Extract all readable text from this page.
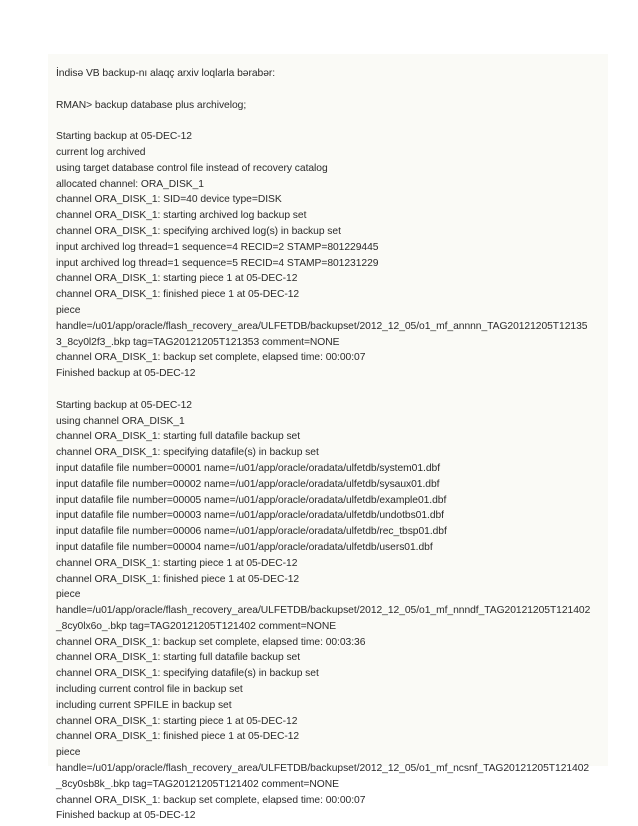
İndisə VB backup-nı alaqç arxiv loqlarla bərabər:
RMAN> backup database plus archivelog;
Starting backup at 05-DEC-12
current log archived
using target database control file instead of recovery catalog
allocated channel: ORA_DISK_1
channel ORA_DISK_1: SID=40 device type=DISK
channel ORA_DISK_1: starting archived log backup set
channel ORA_DISK_1: specifying archived log(s) in backup set
input archived log thread=1 sequence=4 RECID=2 STAMP=801229445
input archived log thread=1 sequence=5 RECID=4 STAMP=801231229
channel ORA_DISK_1: starting piece 1 at 05-DEC-12
channel ORA_DISK_1: finished piece 1 at 05-DEC-12
piece
handle=/u01/app/oracle/flash_recovery_area/ULFETDB/backupset/2012_12_05/o1_mf_annnn_TAG20121205T12135
3_8cy0l2f3_.bkp tag=TAG20121205T121353 comment=NONE
channel ORA_DISK_1: backup set complete, elapsed time: 00:00:07
Finished backup at 05-DEC-12
Starting backup at 05-DEC-12
using channel ORA_DISK_1
channel ORA_DISK_1: starting full datafile backup set
channel ORA_DISK_1: specifying datafile(s) in backup set
input datafile file number=00001 name=/u01/app/oracle/oradata/ulfetdb/system01.dbf
input datafile file number=00002 name=/u01/app/oracle/oradata/ulfetdb/sysaux01.dbf
input datafile file number=00005 name=/u01/app/oracle/oradata/ulfetdb/example01.dbf
input datafile file number=00003 name=/u01/app/oracle/oradata/ulfetdb/undotbs01.dbf
input datafile file number=00006 name=/u01/app/oracle/oradata/ulfetdb/rec_tbsp01.dbf
input datafile file number=00004 name=/u01/app/oracle/oradata/ulfetdb/users01.dbf
channel ORA_DISK_1: starting piece 1 at 05-DEC-12
channel ORA_DISK_1: finished piece 1 at 05-DEC-12
piece
handle=/u01/app/oracle/flash_recovery_area/ULFETDB/backupset/2012_12_05/o1_mf_nnndf_TAG20121205T121402
_8cy0lx6o_.bkp tag=TAG20121205T121402 comment=NONE
channel ORA_DISK_1: backup set complete, elapsed time: 00:03:36
channel ORA_DISK_1: starting full datafile backup set
channel ORA_DISK_1: specifying datafile(s) in backup set
including current control file in backup set
including current SPFILE in backup set
channel ORA_DISK_1: starting piece 1 at 05-DEC-12
channel ORA_DISK_1: finished piece 1 at 05-DEC-12
piece
handle=/u01/app/oracle/flash_recovery_area/ULFETDB/backupset/2012_12_05/o1_mf_ncsnf_TAG20121205T121402
_8cy0sb8k_.bkp tag=TAG20121205T121402 comment=NONE
channel ORA_DISK_1: backup set complete, elapsed time: 00:00:07
Finished backup at 05-DEC-12
